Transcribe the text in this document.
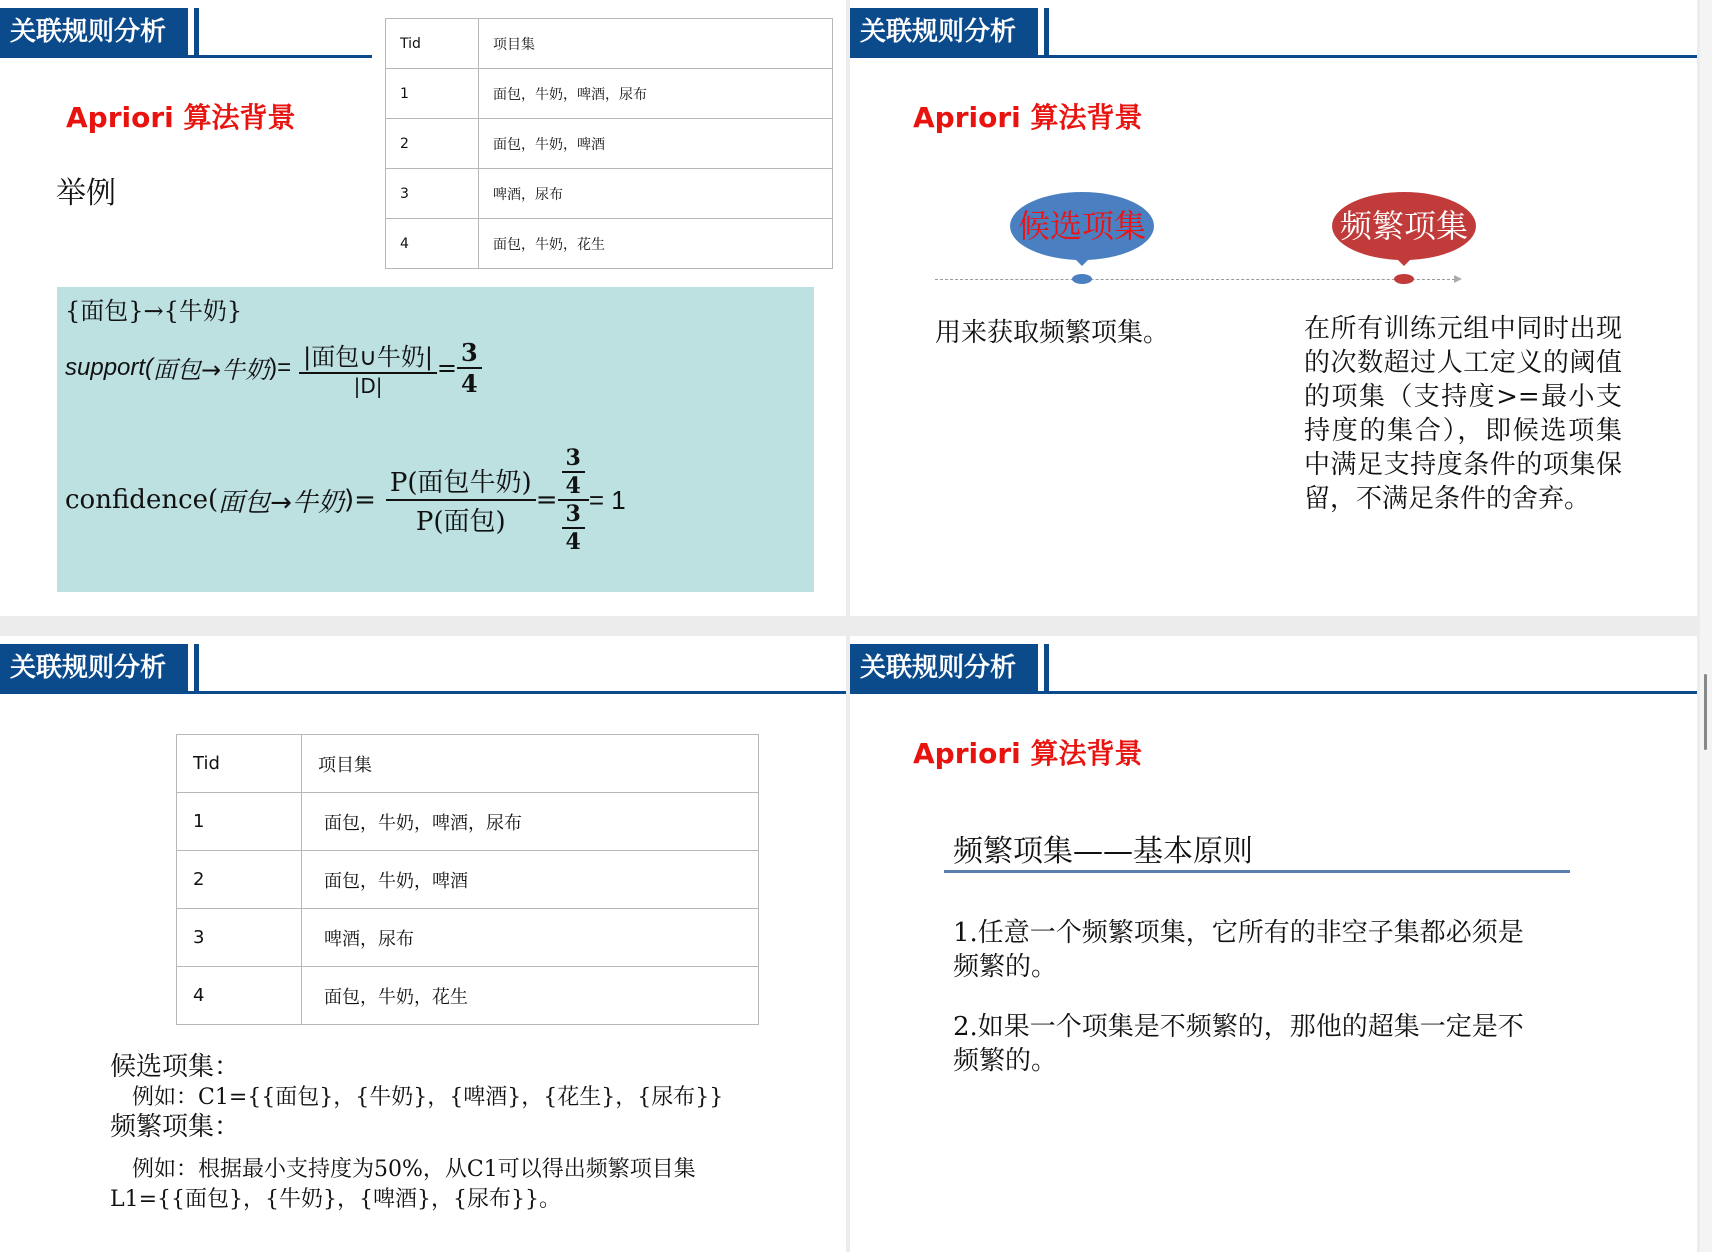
关联规则分析
Apriori 算法背景
举例
Tid	项目集
1	面包，牛奶，啤酒，尿布
2	面包，牛奶，啤酒
3	啤酒，尿布
4	面包，牛奶，花生
{面包}→{牛奶}
support( 面包→牛奶 )= $\frac{\text{|面包∪牛奶|}}{|D|} = \frac{3}{4}$
confidence( 面包→牛奶 )= $\frac{\text{P(面包牛奶)}}{\text{P(面包)}} = \frac{\frac{3}{4}}{\frac{3}{4}} = 1$
关联规则分析
Apriori 算法背景
候选项集	频繁项集
用来获取频繁项集。	在所有训练元组中同时出现的次数超过人工定义的阈值的项集（支持度>=最小支持度的集合），即候选项集中满足支持度条件的项集保留，不满足条件的舍弃。
关联规则分析
Tid	项目集
1	面包，牛奶，啤酒，尿布
2	面包，牛奶，啤酒
3	啤酒，尿布
4	面包，牛奶，花生
候选项集：
例如：C1={{面包}，{牛奶}，{啤酒}，{花生}，{尿布}}
频繁项集：
例如：根据最小支持度为50%，从C1可以得出频繁项目集
L1={{面包}，{牛奶}，{啤酒}，{尿布}}。
关联规则分析
Apriori 算法背景
频繁项集——基本原则
1.任意一个频繁项集，它所有的非空子集都必须是频繁的。
2.如果一个项集是不频繁的，那他的超集一定是不频繁的。
